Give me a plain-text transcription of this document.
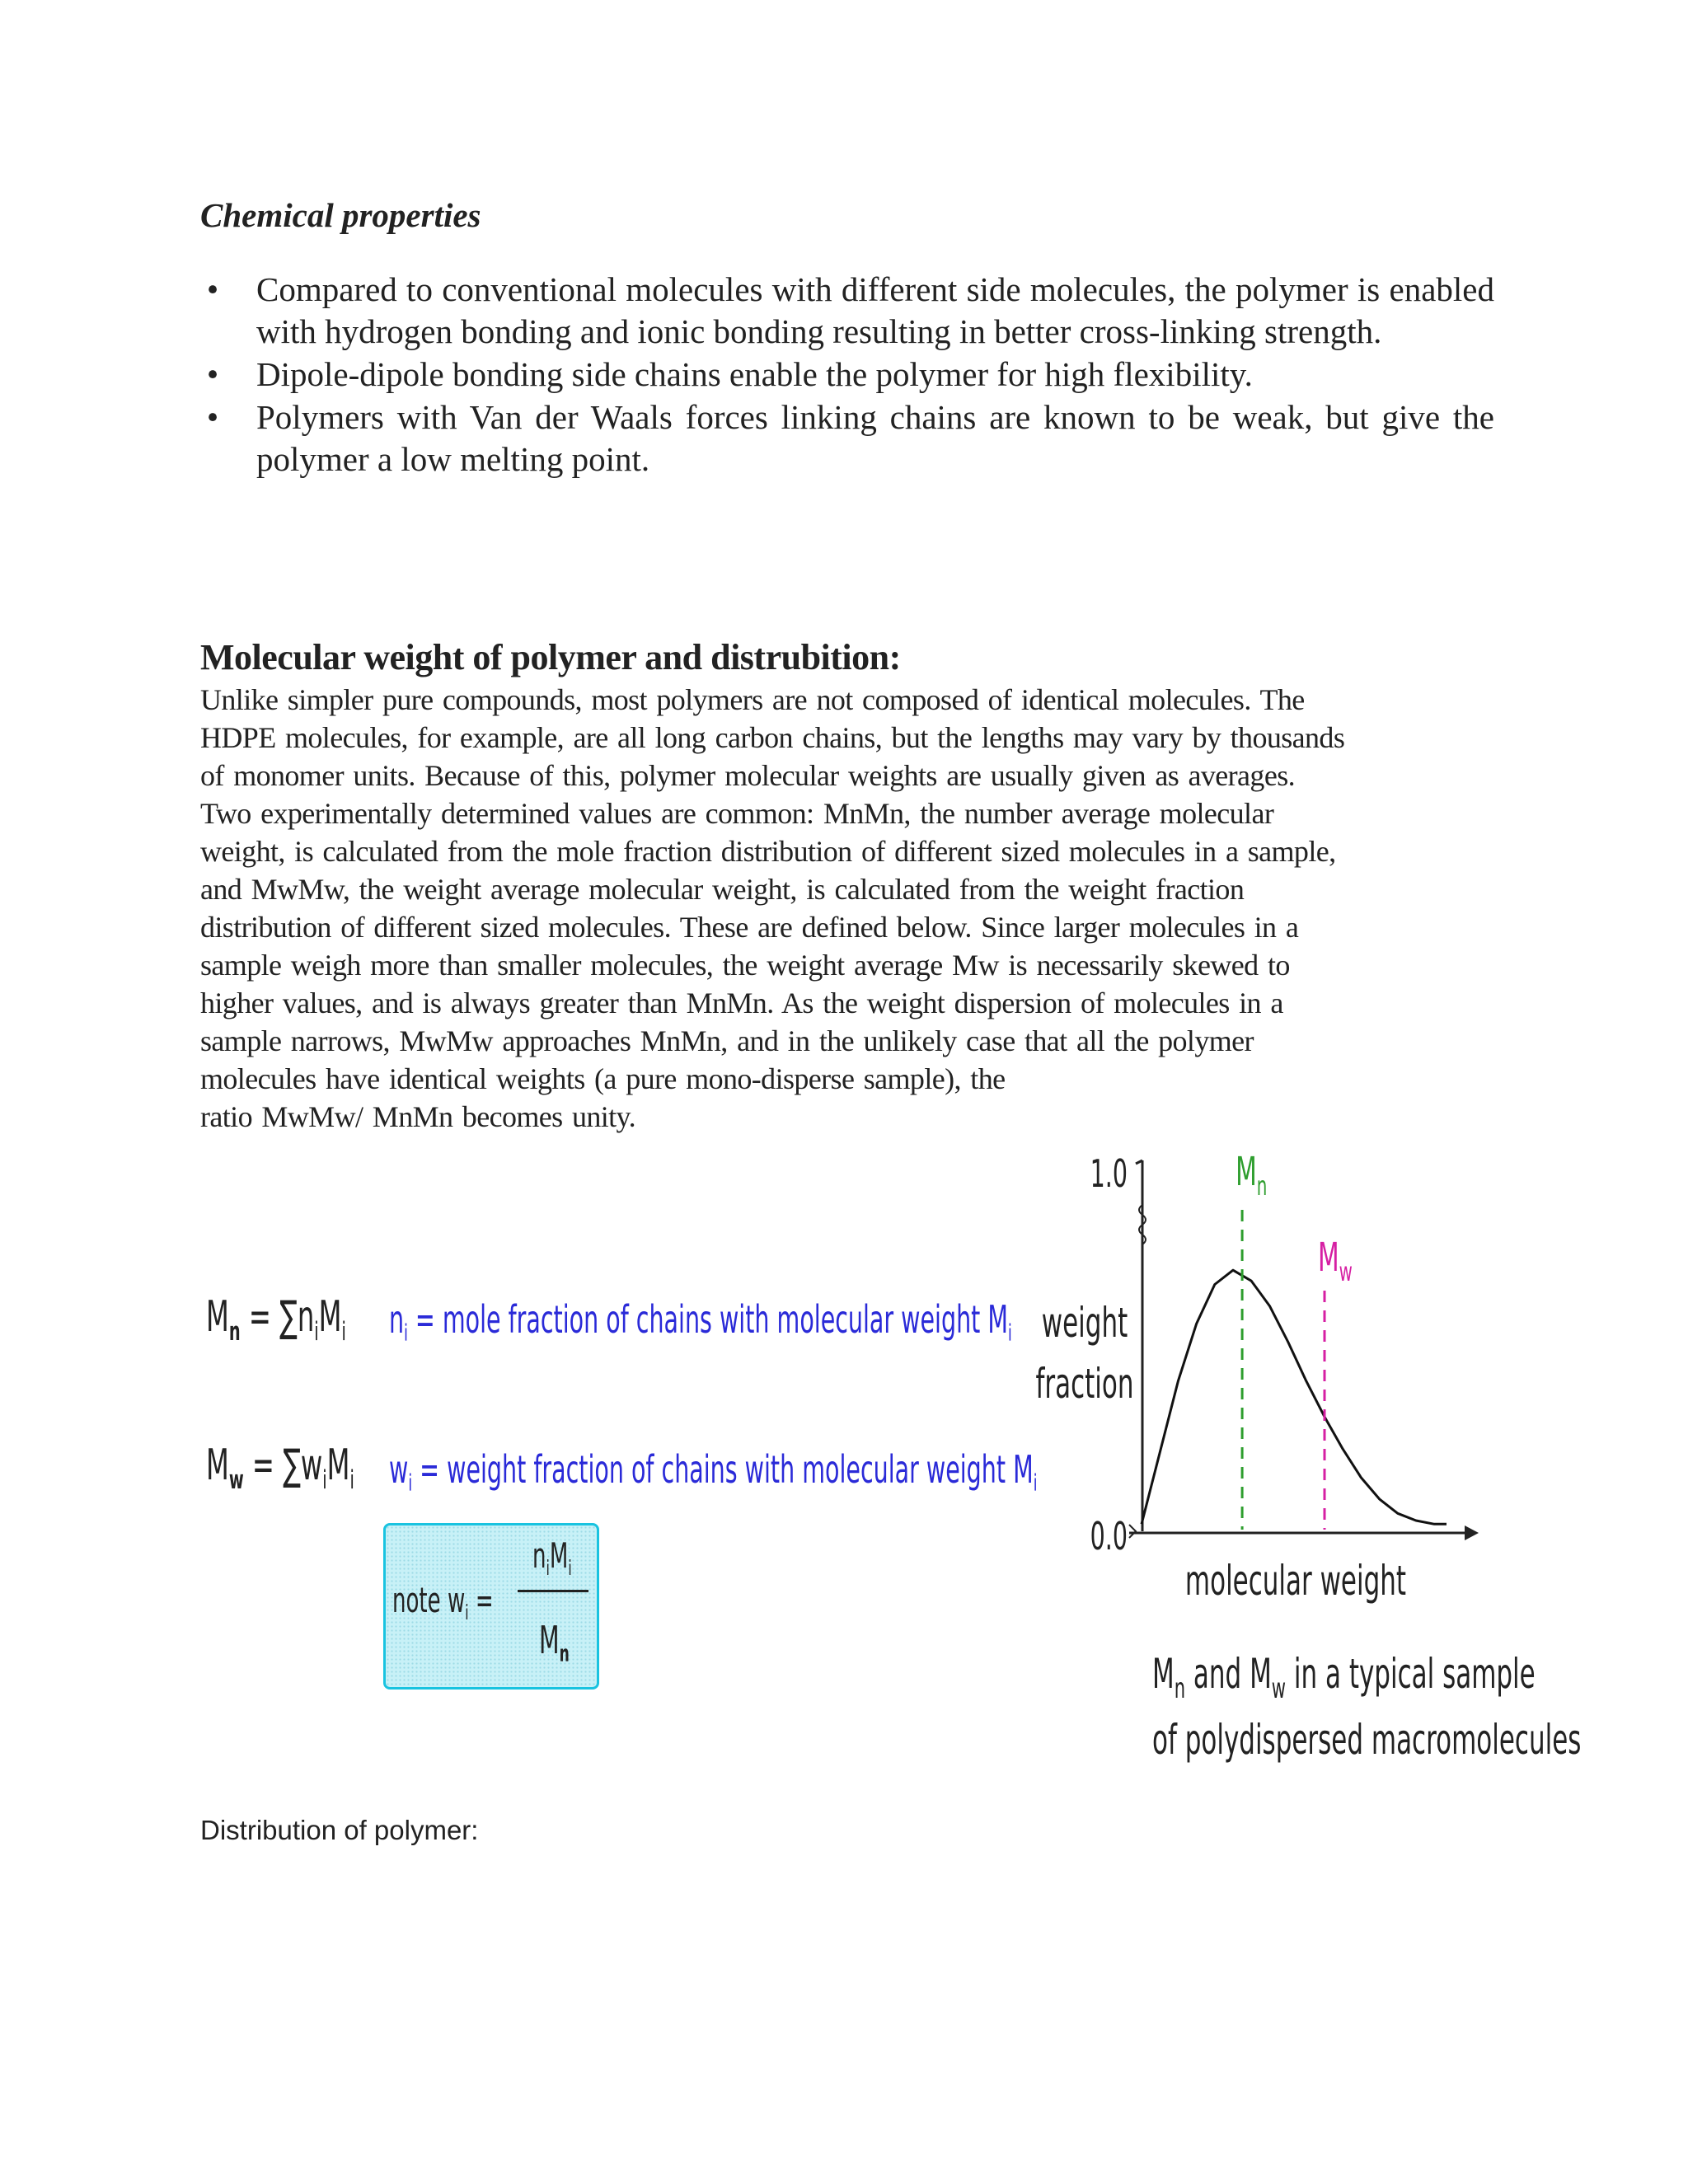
Chemical properties
• Compared to conventional molecules with different side molecules, the polymer is enabled with hydrogen bonding and ionic bonding resulting in better cross-linking strength.
• Dipole-dipole bonding side chains enable the polymer for high flexibility.
• Polymers with Van der Waals forces linking chains are known to be weak, but give the polymer a low melting point.
Molecular weight of polymer and distrubition:

Unlike simpler pure compounds, most polymers are not composed of identical molecules. The
HDPE molecules, for example, are all long carbon chains, but the lengths may vary by thousands
of monomer units. Because of this, polymer molecular weights are usually given as averages.
Two experimentally determined values are common: MnMn, the number average molecular
weight, is calculated from the mole fraction distribution of different sized molecules in a sample,
and MwMw, the weight average molecular weight, is calculated from the weight fraction
distribution of different sized molecules. These are defined below. Since larger molecules in a
sample weigh more than smaller molecules, the weight average Mw is necessarily skewed to
higher values, and is always greater than MnMn. As the weight dispersion of molecules in a
sample narrows, MwMw approaches MnMn, and in the unlikely case that all the polymer
molecules have identical weights (a pure mono-disperse sample), the
ratio MwMw/ MnMn becomes unity.

$M_n = \sum n_iM_i$ $n_i$ = mole fraction of chains with molecular weight $M_i$
$M_w = \sum w_iM_i$ $w_i$ = weight fraction of chains with molecular weight $M_i$
note $w_i$ =
$n_iM_i$
$M_n$
1.0
0.0
weight
fraction
molecular weight
$M_n$
$M_w$
$M_n$ and $M_w$ in a typical sample
of polydispersed macromolecules

Distribution of polymer:
